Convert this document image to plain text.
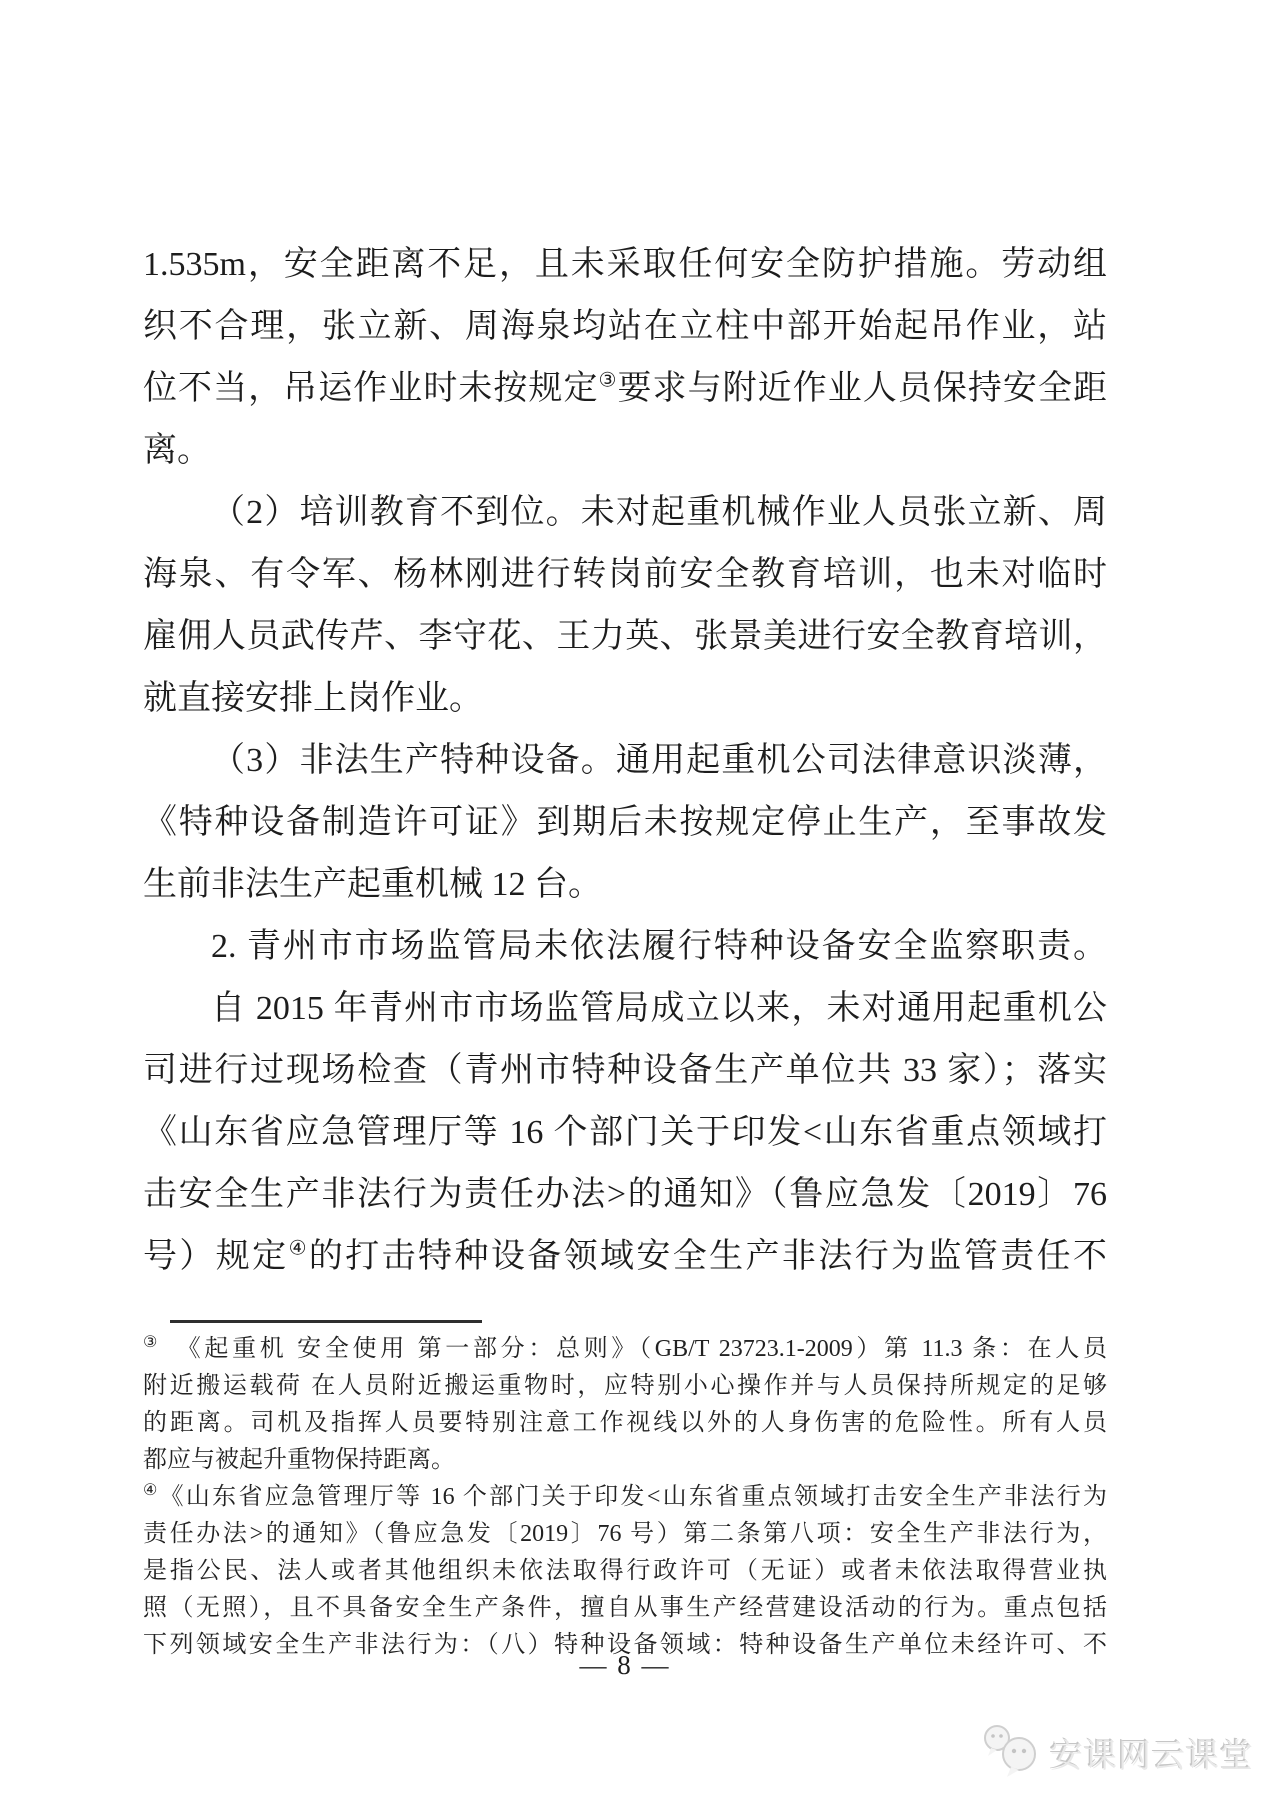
1.535m，安全距离不足，且未采取任何安全防护措施。劳动组
织不合理，张立新、周海泉均站在立柱中部开始起吊作业，站
位不当，吊运作业时未按规定③要求与附近作业人员保持安全距
离。
（2）培训教育不到位。未对起重机械作业人员张立新、周
海泉、有令军、杨林刚进行转岗前安全教育培训，也未对临时
雇佣人员武传芹、李守花、王力英、张景美进行安全教育培训，
就直接安排上岗作业。
（3）非法生产特种设备。通用起重机公司法律意识淡薄，
《特种设备制造许可证》到期后未按规定停止生产，至事故发
生前非法生产起重机械 12 台。
2. 青州市市场监管局未依法履行特种设备安全监察职责。
自 2015 年青州市市场监管局成立以来，未对通用起重机公
司进行过现场检查（青州市特种设备生产单位共 33 家）；落实
《山东省应急管理厅等 16 个部门关于印发<山东省重点领域打
击安全生产非法行为责任办法>的通知》（鲁应急发〔2019〕76
号）规定④的打击特种设备领域安全生产非法行为监管责任不
③　《起重机 安全使用 第一部分：总则》（GB/T 23723.1-2009）第 11.3 条：在人员
附近搬运载荷 在人员附近搬运重物时，应特别小心操作并与人员保持所规定的足够
的距离。司机及指挥人员要特别注意工作视线以外的人身伤害的危险性。所有人员
都应与被起升重物保持距离。
④《山东省应急管理厅等 16 个部门关于印发<山东省重点领域打击安全生产非法行为
责任办法>的通知》（鲁应急发〔2019〕76 号）第二条第八项：安全生产非法行为，
是指公民、法人或者其他组织未依法取得行政许可（无证）或者未依法取得营业执
照（无照），且不具备安全生产条件，擅自从事生产经营建设活动的行为。重点包括
下列领域安全生产非法行为：（八）特种设备领域：特种设备生产单位未经许可、不
— 8 —
安课网云课堂
